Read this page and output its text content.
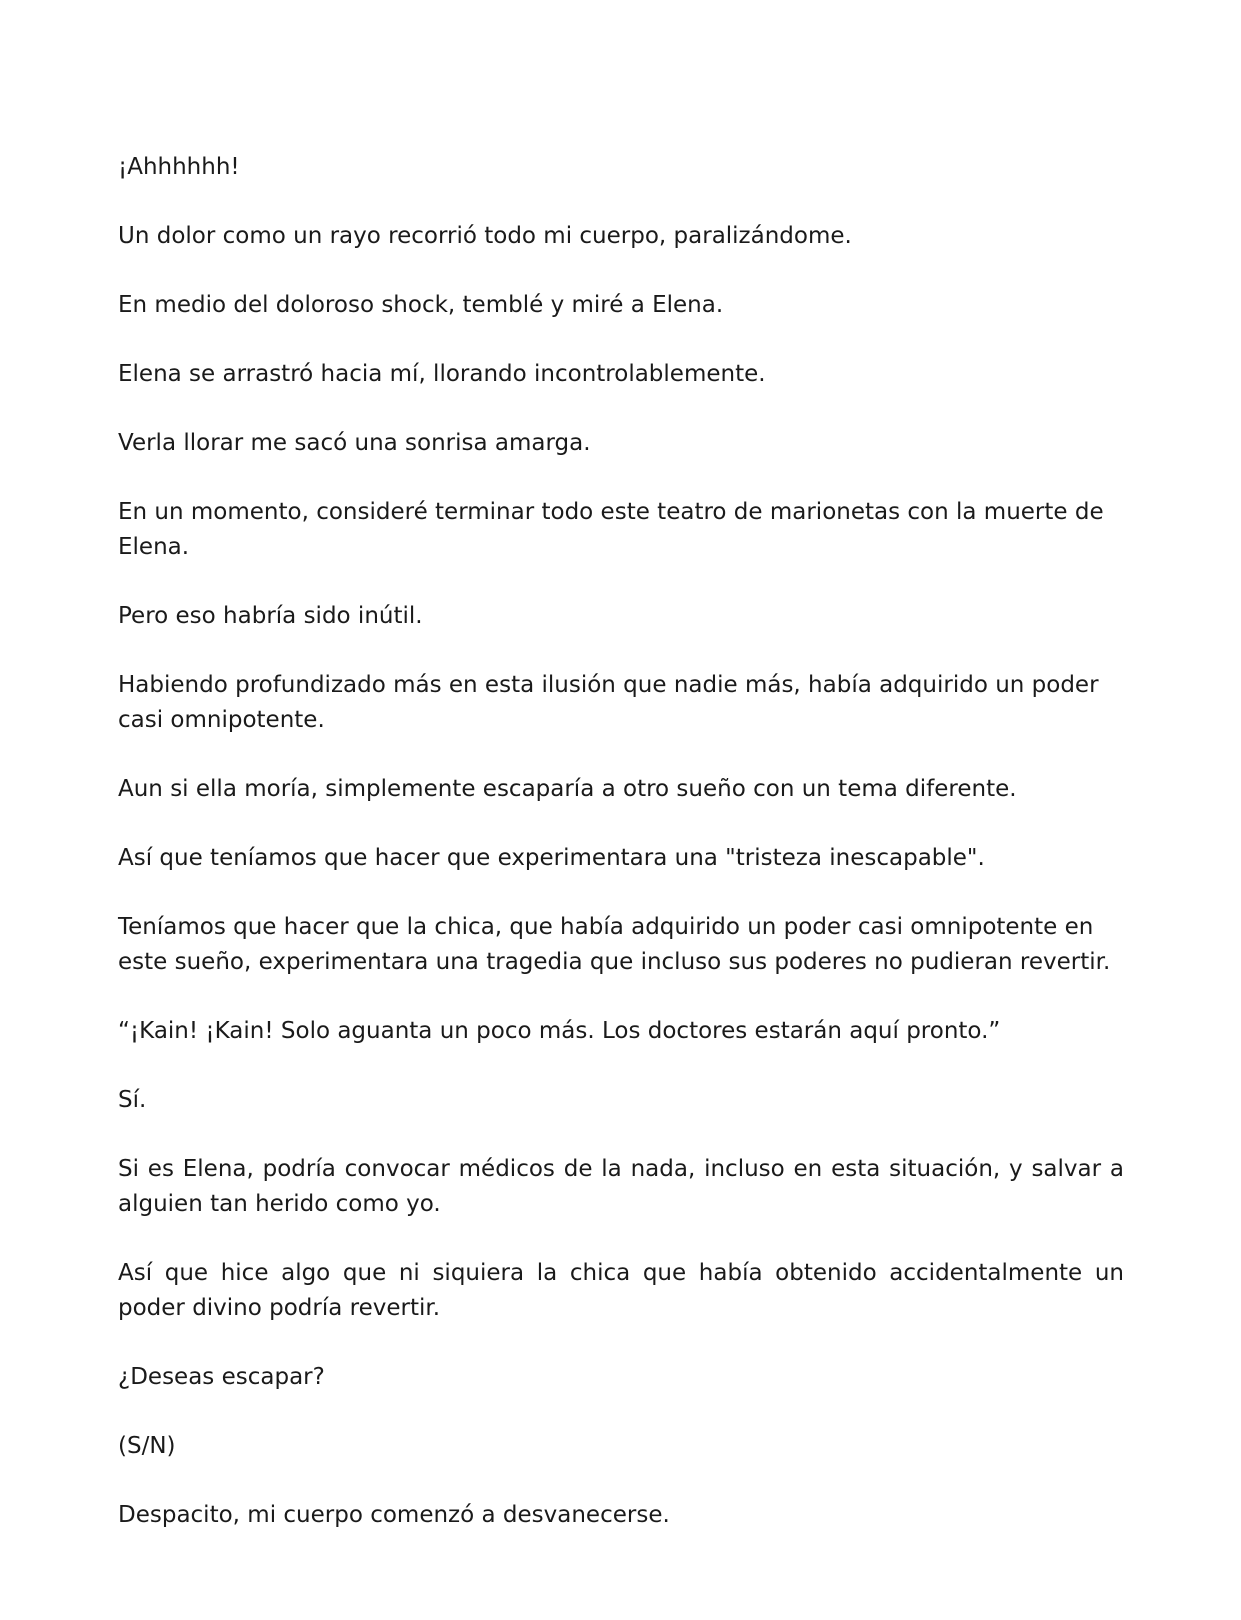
¡Ahhhhhh!

Un dolor como un rayo recorrió todo mi cuerpo, paralizándome.

En medio del doloroso shock, temblé y miré a Elena.

Elena se arrastró hacia mí, llorando incontrolablemente.

Verla llorar me sacó una sonrisa amarga.

En un momento, consideré terminar todo este teatro de marionetas con la muerte de Elena.

Pero eso habría sido inútil.

Habiendo profundizado más en esta ilusión que nadie más, había adquirido un poder casi omnipotente.

Aun si ella moría, simplemente escaparía a otro sueño con un tema diferente.

Así que teníamos que hacer que experimentara una "tristeza inescapable".

Teníamos que hacer que la chica, que había adquirido un poder casi omnipotente en este sueño, experimentara una tragedia que incluso sus poderes no pudieran revertir.

“¡Kain! ¡Kain! Solo aguanta un poco más. Los doctores estarán aquí pronto.”

Sí.

Si es Elena, podría convocar médicos de la nada, incluso en esta situación, y salvar a alguien tan herido como yo.

Así que hice algo que ni siquiera la chica que había obtenido accidentalmente un poder divino podría revertir.

¿Deseas escapar?

(S/N)

Despacito, mi cuerpo comenzó a desvanecerse.
